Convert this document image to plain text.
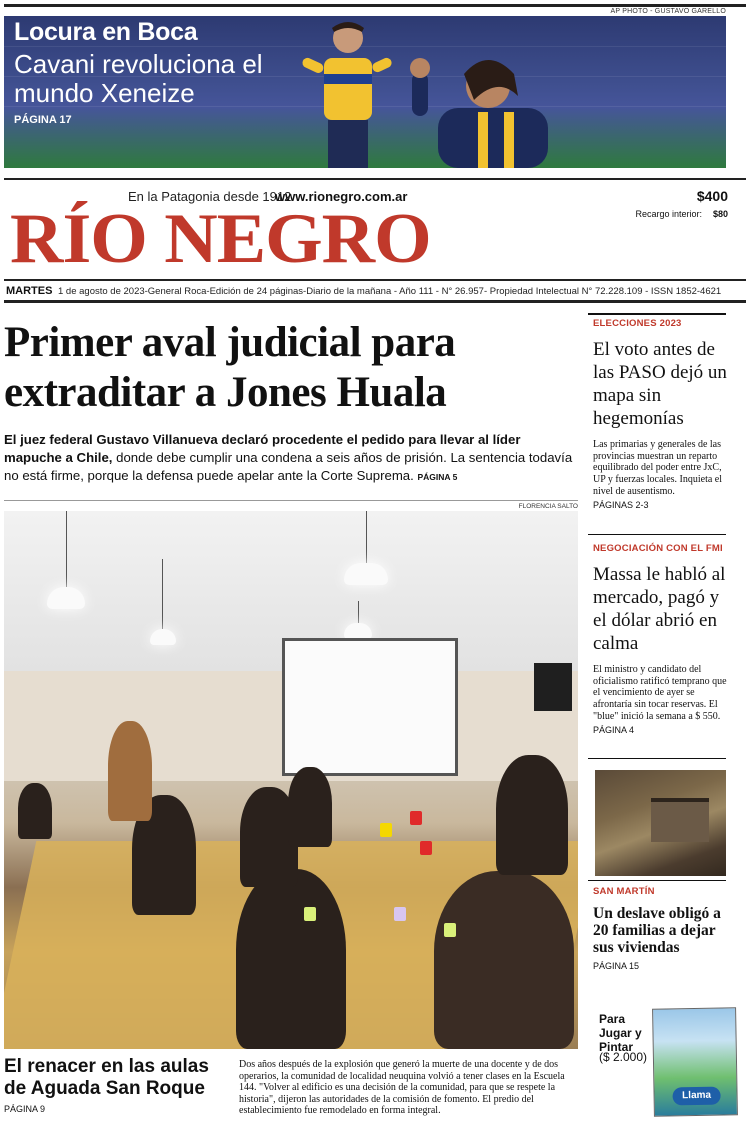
AP PHOTO - GUSTAVO GARELLO
Locura en Boca
Cavani revoluciona el mundo Xeneize
PÁGINA 17
En la Patagonia desde 1912
www.rionegro.com.ar	$400
Recargo interior: $80
RÍO NEGRO
MARTES 1 de agosto de 2023-General Roca-Edición de 24 páginas-Diario de la mañana - Año 111 - N° 26.957- Propiedad Intelectual N° 72.228.109 - ISSN 1852-4621
Primer aval judicial para extraditar a Jones Huala
El juez federal Gustavo Villanueva declaró procedente el pedido para llevar al líder mapuche a Chile, donde debe cumplir una condena a seis años de prisión. La sentencia todavía no está firme, porque la defensa puede apelar ante la Corte Suprema. PÁGINA 5
FLORENCIA SALTO
El renacer en las aulas de Aguada San Roque
PÁGINA 9
Dos años después de la explosión que generó la muerte de una docente y de dos operarios, la comunidad de localidad neuquina volvió a tener clases en la Escuela 144. "Volver al edificio es una decisión de la comunidad, para que se respete la historia", dijeron las autoridades de la comisión de fomento. El predio del establecimiento fue remodelado en forma integral.
ELECCIONES 2023
El voto antes de las PASO dejó un mapa sin hegemonías
Las primarias y generales de las provincias muestran un reparto equilibrado del poder entre JxC, UP y fuerzas locales. Inquieta el nivel de ausentismo.
PÁGINAS 2-3
NEGOCIACIÓN CON EL FMI
Massa le habló al mercado, pagó y el dólar abrió en calma
El ministro y candidato del oficialismo ratificó temprano que el vencimiento de ayer se afrontaría sin tocar reservas. El "blue" inició la semana a $ 550.
PÁGINA 4
SAN MARTÍN
Un deslave obligó a 20 familias a dejar sus viviendas
PÁGINA 15
Para Jugar y Pintar
($ 2.000)
Llama
